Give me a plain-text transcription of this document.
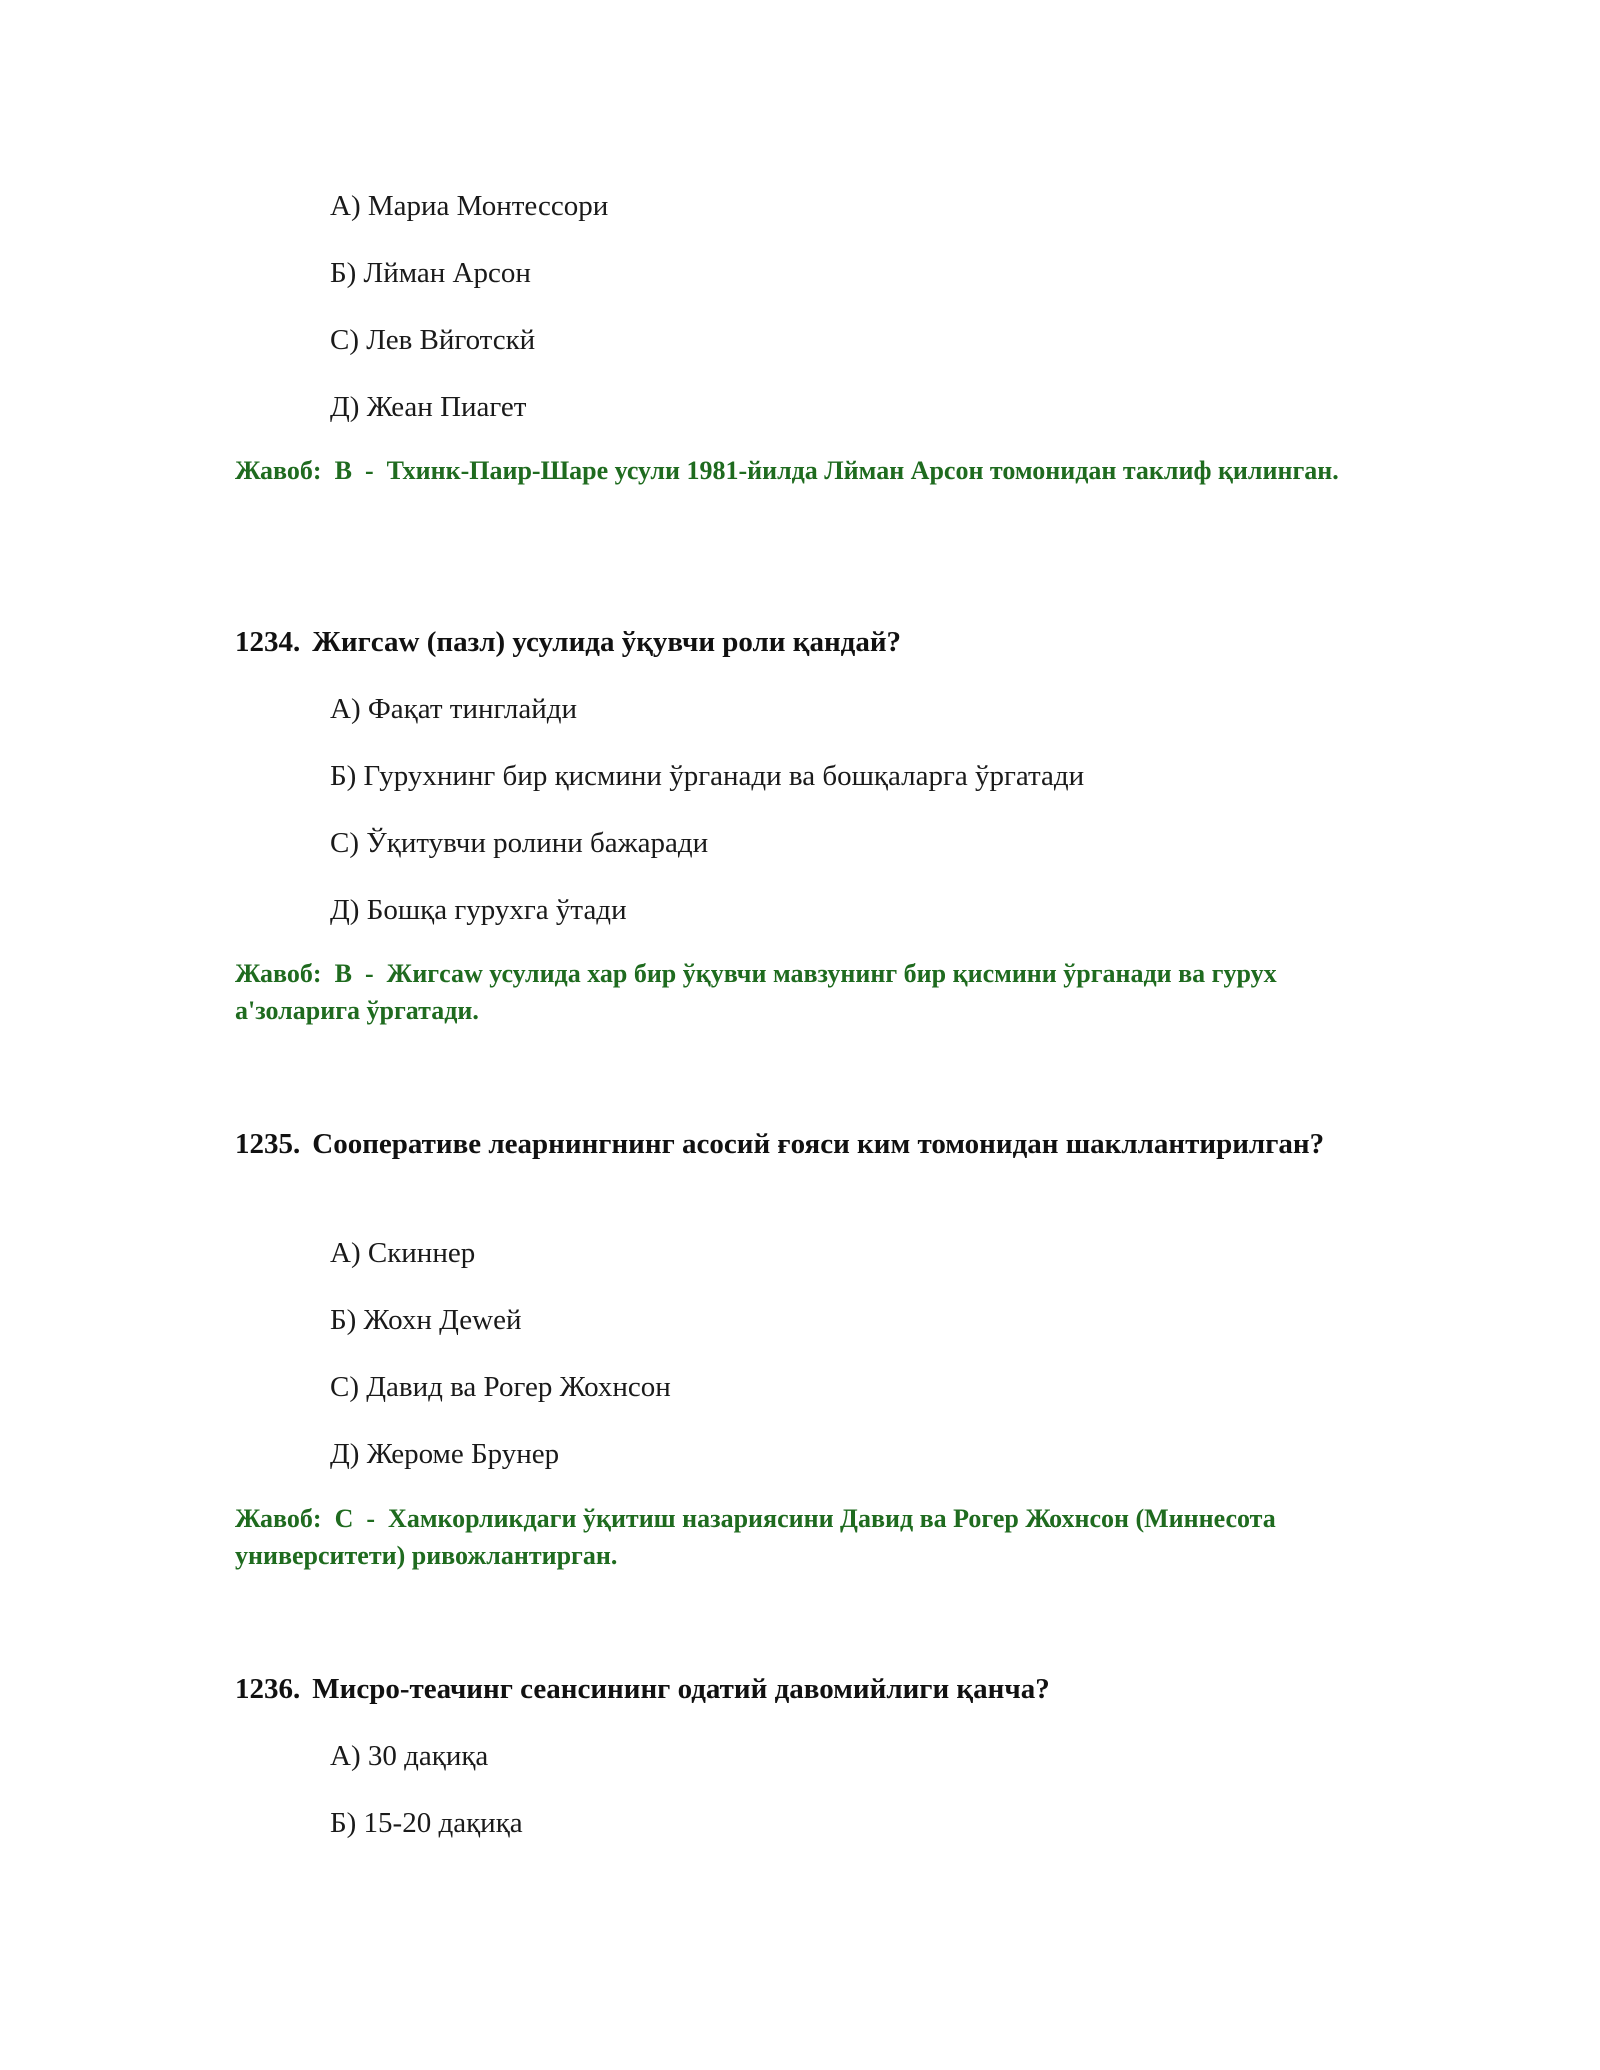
А) Мариа Монтессори
Б) Лйман Арсон
С) Лев Вйготскй
Д) Жеан Пиагет
Жавоб: B - Тхинк-Паир-Шаре усули 1981-йилда Лйман Арсон томонидан таклиф қилинган.
1234. Жигсаw (пазл) усулида ўқувчи роли қандай?
А) Фақат тинглайди
Б) Гурухнинг бир қисмини ўрганади ва бошқаларга ўргатади
С) Ўқитувчи ролини бажаради
Д) Бошқа гурухга ўтади
Жавоб: B - Жигсаw усулида хар бир ўқувчи мавзунинг бир қисмини ўрганади ва гурух а'золарига ўргатади.
1235. Сооперативе леарнингнинг асосий ғояси ким томонидан шакллантирилган?
А) Скиннер
Б) Жохн Деweй
С) Давид ва Рогер Жохнсон
Д) Жероме Брунер
Жавоб: C - Хамкорликдаги ўқитиш назариясини Давид ва Рогер Жохнсон (Миннесота университети) ривожлантирган.
1236. Мисро-теачинг сеансининг одатий давомийлиги қанча?
А) 30 дақиқа
Б) 15-20 дақиқа
